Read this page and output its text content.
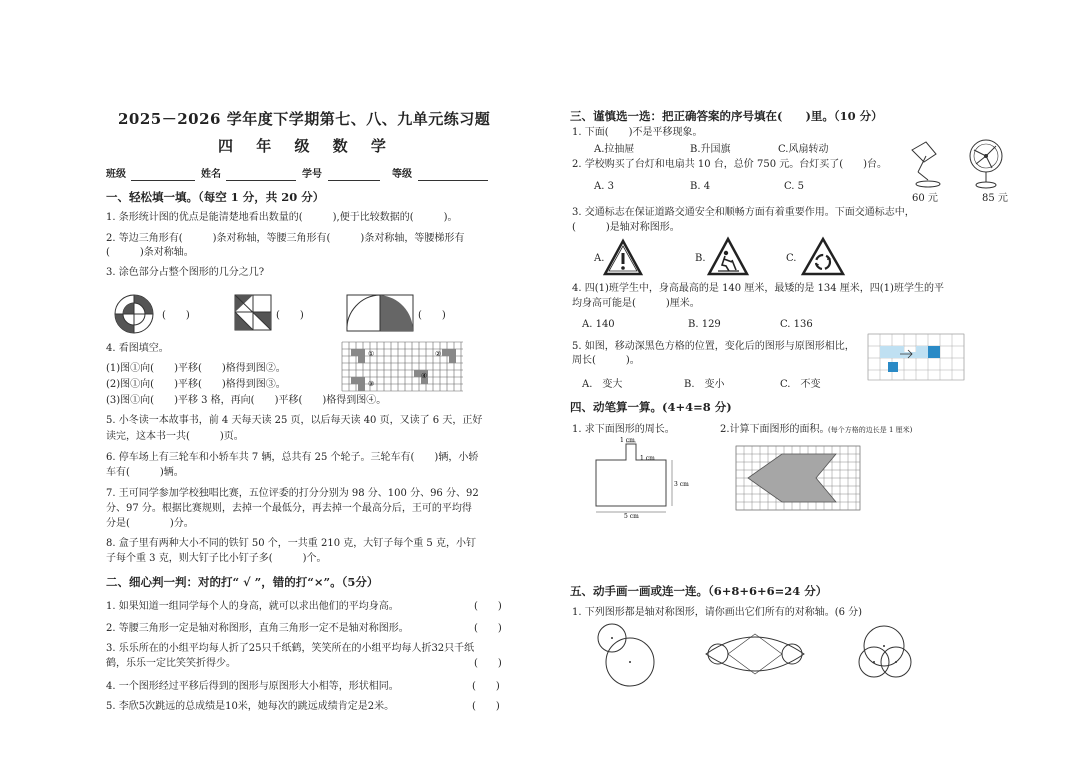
2025－2026 学年度下学期第七、八、九单元练习题
四 年 级 数 学
班级	姓名	学号	等级
一、轻松填一填。（每空 1 分，共 20 分）
1. 条形统计图的优点是能清楚地看出数量的(　　　),便于比较数据的(　　　)。
2. 等边三角形有(　　　)条对称轴，等腰三角形有(　　　)条对称轴，等腰梯形有
(　　　)条对称轴。
3. 涂色部分占整个图形的几分之几?
(　　)	(　　)	(　　)
4. 看图填空。
(1)图①向(　　)平移(　　)格得到图②。
(2)图①向(　　)平移(　　)格得到图③。
(3)图①向(　　)平移 3 格，再向(　　)平移(　　)格得到图④。
①	②
③
④
5. 小冬读一本故事书，前 4 天每天读 25 页，以后每天读 40 页，又读了 6 天，正好
读完，这本书一共(　　　)页。
6. 停车场上有三轮车和小轿车共 7 辆，总共有 25 个轮子。三轮车有(　　)辆，小轿
车有(　　　)辆。
7. 王可同学参加学校独唱比赛，五位评委的打分分别为 98 分、100 分、96 分、92
分、97 分。根据比赛规则，去掉一个最低分，再去掉一个最高分后，王可的平均得
分是(　　　　)分。
8. 盒子里有两种大小不同的铁钉 50 个，一共重 210 克，大钉子每个重 5 克，小钉
子每个重 3 克，则大钉子比小钉子多(　　　)个。
二、细心判一判：对的打“ √ ”，错的打“×”。（5分）
1. 如果知道一组同学每个人的身高，就可以求出他们的平均身高。	(　　)
2. 等腰三角形一定是轴对称图形，直角三角形一定不是轴对称图形。	(　　)
3. 乐乐所在的小组平均每人折了25只千纸鹤，笑笑所在的小组平均每人折32只千纸
鹤，乐乐一定比笑笑折得少。	(　　)
4. 一个图形经过平移后得到的图形与原图形大小相等，形状相同。	(　　)
5. 李欣5次跳远的总成绩是10米，她每次的跳远成绩肯定是2米。	(　　)
三、谨慎选一选：把正确答案的序号填在(　　)里。（10 分）
1. 下面(　　)不是平移现象。
A.拉抽屉	B.升国旗	C.风扇转动
2. 学校购买了台灯和电扇共 10 台，总价 750 元。台灯买了(　　)台。
A. 3	B. 4	C. 5
60 元	85 元
3. 交通标志在保证道路交通安全和顺畅方面有着重要作用。下面交通标志中，
(　　　)是轴对称图形。
A.	B.	C.
4. 四(1)班学生中，身高最高的是 140 厘米，最矮的是 134 厘米，四(1)班学生的平
均身高可能是(　　　)厘米。
A. 140	B. 129	C. 136
5. 如图，移动深黑色方格的位置，变化后的图形与原图形相比，
周长(　　　)。
A.　变大	B.　变小	C.　不变
四、动笔算一算。(4+4=8 分)
1. 求下面图形的周长。	2.计算下面图形的面积。
(每个方格的边长是 1 厘米)
1 cm
1 cm
3 cm
5 cm
五、动手画一画或连一连。（6+8+6+6=24 分）
1. 下列图形都是轴对称图形，请你画出它们所有的对称轴。(6 分)
